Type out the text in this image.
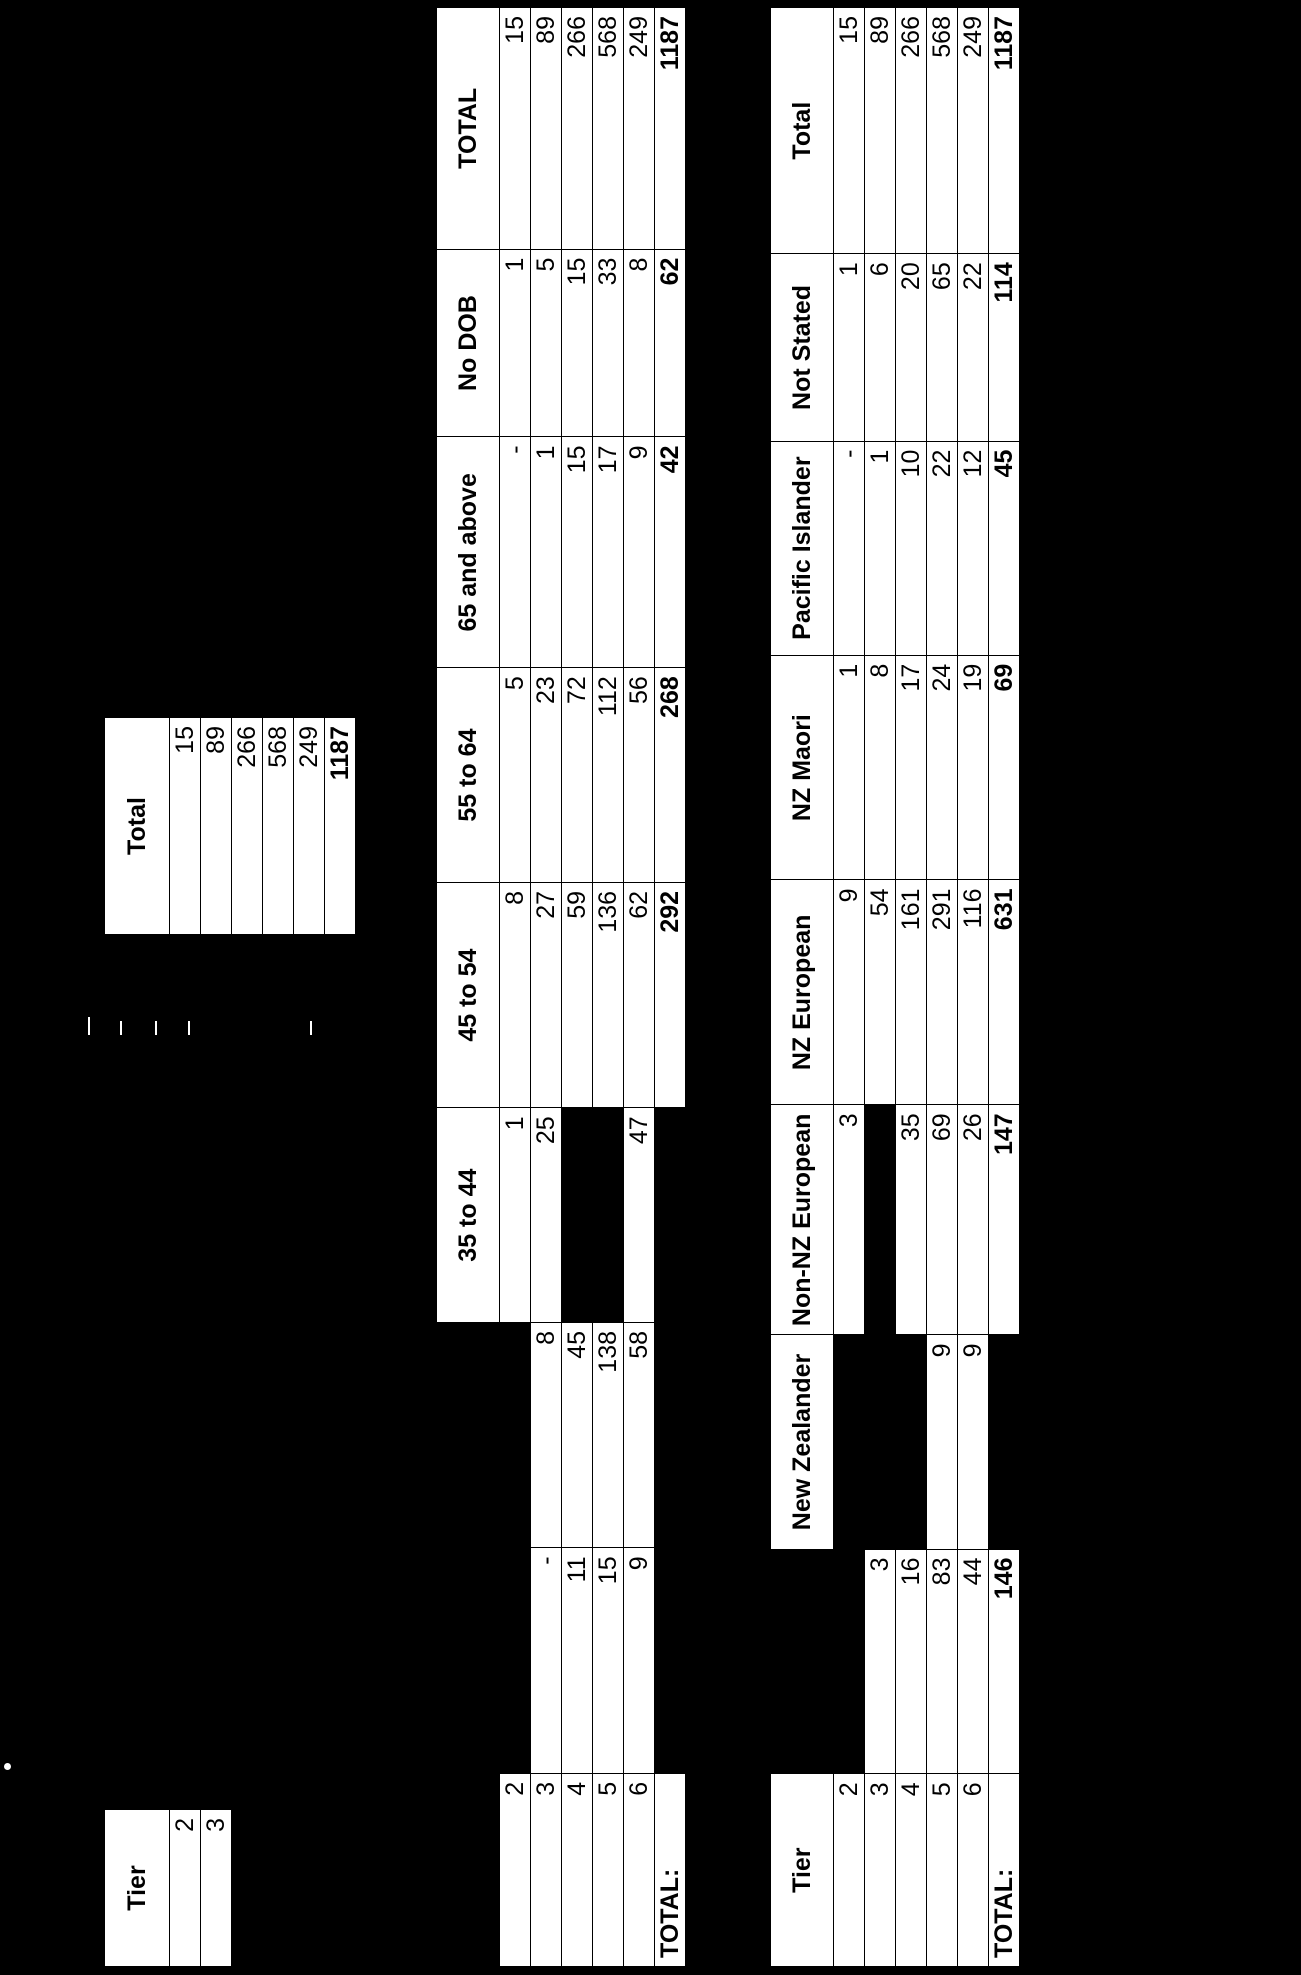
Tier
2
3
Total
15
89
266
568
249
1187
			35 to 44	45 to 54	55 to 64	65 and above	No DOB	TOTAL
2			1	8	5	-	1	15
3	-	8	25	27	23	1	5	89
4	11	45		59	72	15	15	266
5	15	138		136	112	17	33	568
6	9	58	47	62	56	9	8	249
TOTAL:				292	268	42	62	1187
Tier		New Zealander	Non-NZ European	NZ European	NZ Maori	Pacific Islander	Not Stated	Total
2			3	9	1	-	1	15
3	3			54	8	1	6	89
4	16		35	161	17	10	20	266
5	83	9	69	291	24	22	65	568
6	44	9	26	116	19	12	22	249
TOTAL:	146		147	631	69	45	114	1187
